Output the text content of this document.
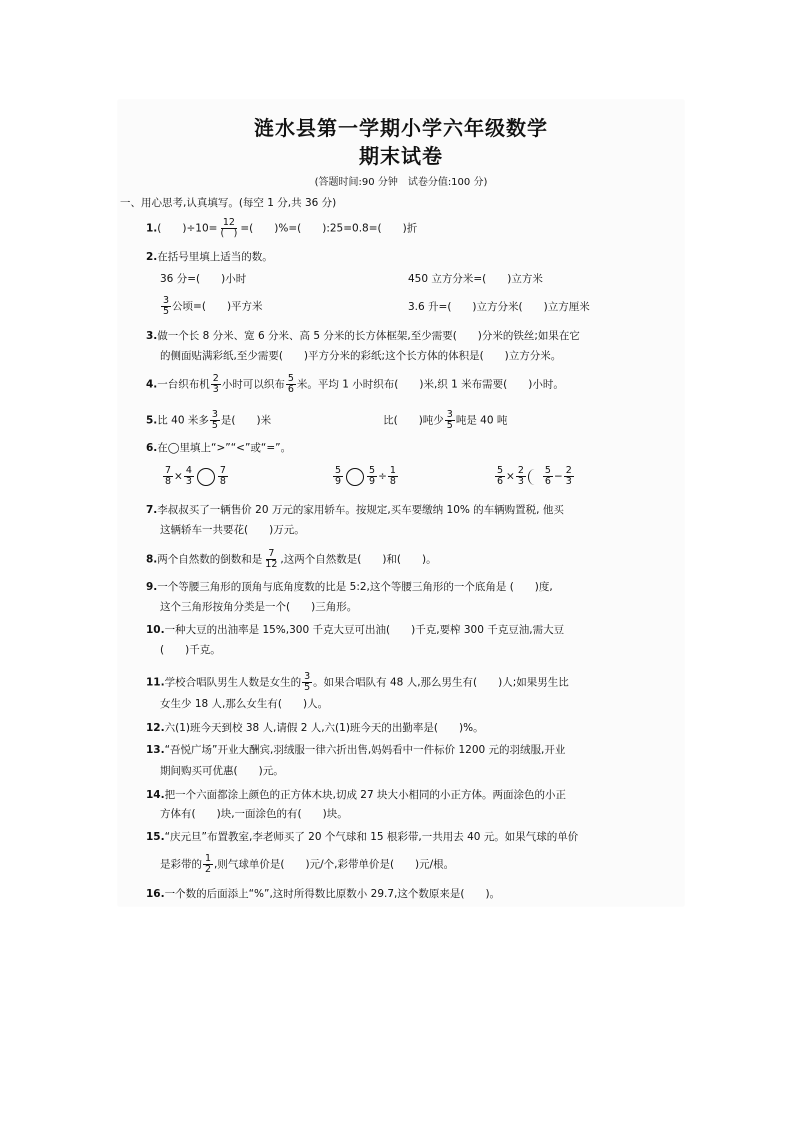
涟水县第一学期小学六年级数学
期末试卷
(答题时间:90 分钟　试卷分值:100 分)
一、用心思考,认真填写。(每空 1 分,共 36 分)
1.(　　)$\div 10= \frac{12}{( )}$ =(　　)%=(　　):25=0.8=(　　)折
2.在括号里填上适当的数。
36 分=(　　)小时	450 立方分米=(　　)立方米
$\frac{3}{5}$ 公顷=(　　)平方米	3.6 升=(　　)立方分米(　　)立方厘米
3.做一个长 8 分米、宽 6 分米、高 5 分米的长方体框架,至少需要(　　)分米的铁丝;如果在它
的侧面贴满彩纸,至少需要(　　)平方分米的彩纸;这个长方体的体积是(　　)立方分米。
4.一台织布机 $\frac{2}{3}$ 小时可以织布 $\frac{5}{6}$ 米。平均 1 小时织布(　　)米,织 1 米布需要(　　)小时。
5.比 40 米多 $\frac{3}{5}$ 是(　　)米	比(　　)吨少 $\frac{3}{5}$ 吨是 40 吨
6.在◯里填上“>”“<”或“=”。
$\frac{7}{8} \times \frac{4}{3}$	$\frac{7}{8}$	$\frac{5}{9}$	$\frac{5}{9} \div \frac{1}{8}$	$\frac{5}{6} \times \frac{2}{3} \frac{5}{6} - \frac{2}{3}$
7.李叔叔买了一辆售价 20 万元的家用轿车。按规定,买车要缴纳 10% 的车辆购置税, 他买
这辆轿车一共要花(　　)万元。
8.两个自然数的倒数和是 $\frac{7}{12}$ ,这两个自然数是(　　)和(　　)。
9.一个等腰三角形的顶角与底角度数的比是 5:2,这个等腰三角形的一个底角是 (　　)度,
这个三角形按角分类是一个(　　)三角形。
10.一种大豆的出油率是 15%,300 千克大豆可出油(　　)千克,要榨 300 千克豆油,需大豆
(　　)千克。
11.学校合唱队男生人数是女生的 $\frac{3}{5}$ 。如果合唱队有 48 人,那么男生有(　　)人;如果男生比
女生少 18 人,那么女生有(　　)人。
12.六(1)班今天到校 38 人,请假 2 人,六(1)班今天的出勤率是(　　)%。
13.“吾悦广场”开业大酬宾,羽绒服一律六折出售,妈妈看中一件标价 1200 元的羽绒服,开业
期间购买可优惠(　　)元。
14.把一个六面都涂上颜色的正方体木块,切成 27 块大小相同的小正方体。两面涂色的小正
方体有(　　)块,一面涂色的有(　　)块。
15.“庆元旦”布置教室,李老师买了 20 个气球和 15 根彩带,一共用去 40 元。如果气球的单价
是彩带的 $\frac{1}{2}$ ,则气球单价是(　　)元/个,彩带单价是(　　)元/根。
16.一个数的后面添上“%”,这时所得数比原数小 29.7,这个数原来是(　　)。
